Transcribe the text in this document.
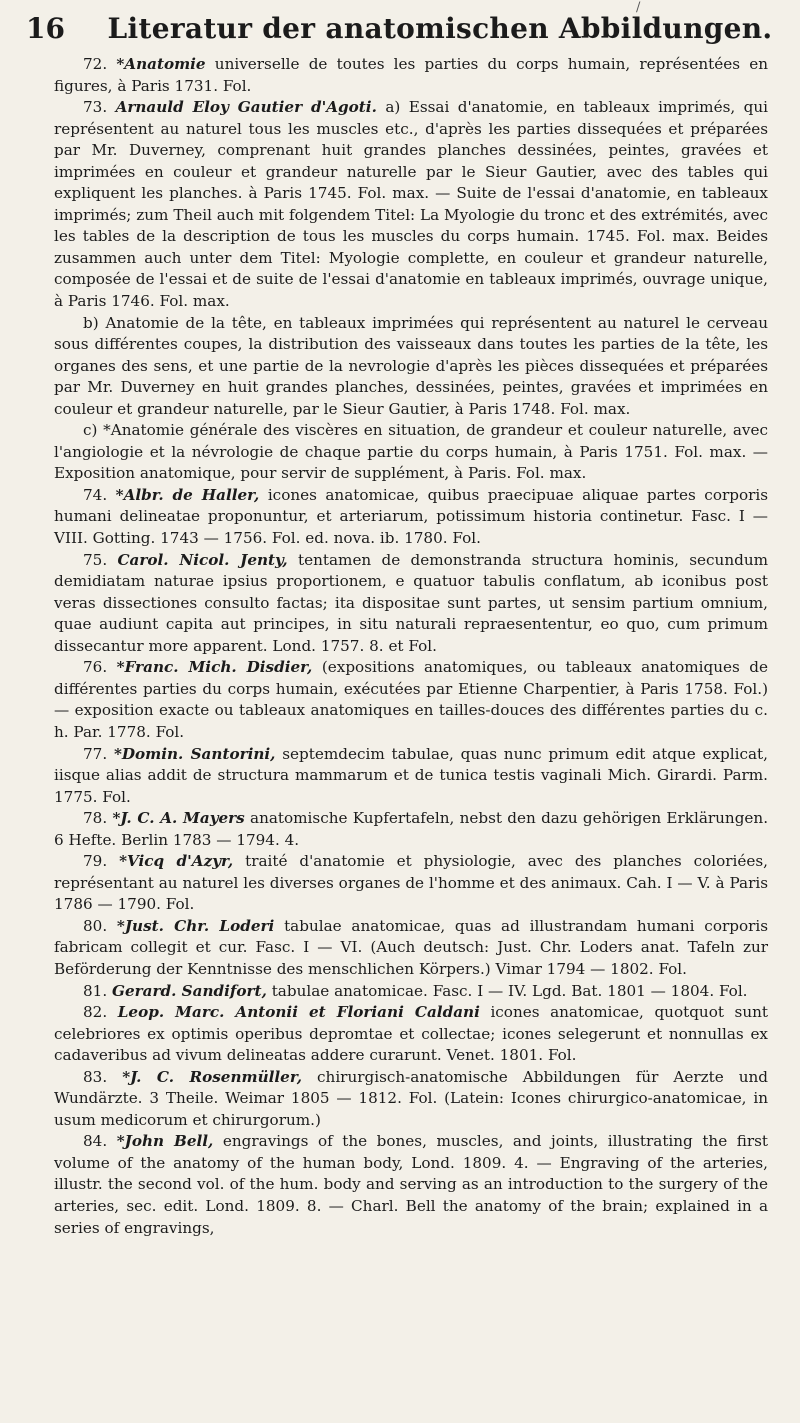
/
16 Literatur der anatomischen Abbildungen.

72. *Anatomie universelle de toutes les parties du corps humain, représentées en figures, à Paris 1731. Fol.

73. Arnauld Eloy Gautier d'Agoti. a) Essai d'anatomie, en tableaux imprimés, qui représentent au naturel tous les muscles etc., d'après les parties dissequées et préparées par Mr. Duverney, comprenant huit grandes planches dessinées, peintes, gravées et imprimées en couleur et grandeur naturelle par le Sieur Gautier, avec des tables qui expliquent les planches. à Paris 1745. Fol. max. — Suite de l'essai d'anatomie, en tableaux imprimés; zum Theil auch mit folgendem Titel: La Myologie du tronc et des extrémités, avec les tables de la description de tous les muscles du corps humain. 1745. Fol. max. Beides zusammen auch unter dem Titel: Myologie complette, en couleur et grandeur naturelle, composée de l'essai et de suite de l'essai d'anatomie en tableaux imprimés, ouvrage unique, à Paris 1746. Fol. max.

b) Anatomie de la tête, en tableaux imprimées qui représentent au naturel le cerveau sous différentes coupes, la distribution des vaisseaux dans toutes les parties de la tête, les organes des sens, et une partie de la nevrologie d'après les pièces dissequées et préparées par Mr. Duverney en huit grandes planches, dessinées, peintes, gravées et imprimées en couleur et grandeur naturelle, par le Sieur Gautier, à Paris 1748. Fol. max.

c) *Anatomie générale des viscères en situation, de grandeur et couleur naturelle, avec l'angiologie et la névrologie de chaque partie du corps humain, à Paris 1751. Fol. max. — Exposition anatomique, pour servir de supplément, à Paris. Fol. max.

74. *Albr. de Haller, icones anatomicae, quibus praecipuae aliquae partes corporis humani delineatae proponuntur, et arteriarum, potissimum historia continetur. Fasc. I — VIII. Gotting. 1743 — 1756. Fol. ed. nova. ib. 1780. Fol.

75. Carol. Nicol. Jenty, tentamen de demonstranda structura hominis, secundum demidiatam naturae ipsius proportionem, e quatuor tabulis conflatum, ab iconibus post veras dissectiones consulto factas; ita dispositae sunt partes, ut sensim partium omnium, quae audiunt capita aut principes, in situ naturali repraesententur, eo quo, cum primum dissecantur more apparent. Lond. 1757. 8. et Fol.

76. *Franc. Mich. Disdier, (expositions anatomiques, ou tableaux anatomiques de différentes parties du corps humain, exécutées par Etienne Charpentier, à Paris 1758. Fol.) — exposition exacte ou tableaux anatomiques en tailles-douces des différentes parties du c. h. Par. 1778. Fol.

77. *Domin. Santorini, septemdecim tabulae, quas nunc primum edit atque explicat, iisque alias addit de structura mammarum et de tunica testis vaginali Mich. Girardi. Parm. 1775. Fol.

78. *J. C. A. Mayers anatomische Kupfertafeln, nebst den dazu gehörigen Erklärungen. 6 Hefte. Berlin 1783 — 1794. 4.

79. *Vicq d'Azyr, traité d'anatomie et physiologie, avec des planches coloriées, représentant au naturel les diverses organes de l'homme et des animaux. Cah. I — V. à Paris 1786 — 1790. Fol.

80. *Just. Chr. Loderi tabulae anatomicae, quas ad illustrandam humani corporis fabricam collegit et cur. Fasc. I — VI. (Auch deutsch: Just. Chr. Loders anat. Tafeln zur Beförderung der Kenntnisse des menschlichen Körpers.) Vimar 1794 — 1802. Fol.

81. Gerard. Sandifort, tabulae anatomicae. Fasc. I — IV. Lgd. Bat. 1801 — 1804. Fol.

82. Leop. Marc. Antonii et Floriani Caldani icones anatomicae, quotquot sunt celebriores ex optimis operibus depromtae et collectae; icones selegerunt et nonnullas ex cadaveribus ad vivum delineatas addere curarunt. Venet. 1801. Fol.

83. *J. C. Rosenmüller, chirurgisch-anatomische Abbildungen für Aerzte und Wundärzte. 3 Theile. Weimar 1805 — 1812. Fol. (Latein: Icones chirurgico-anatomicae, in usum medicorum et chirurgorum.)

84. *John Bell, engravings of the bones, muscles, and joints, illustrating the first volume of the anatomy of the human body, Lond. 1809. 4. — Engraving of the arteries, illustr. the second vol. of the hum. body and serving as an introduction to the surgery of the arteries, sec. edit. Lond. 1809. 8. — Charl. Bell the anatomy of the brain; explained in a series of engravings,
